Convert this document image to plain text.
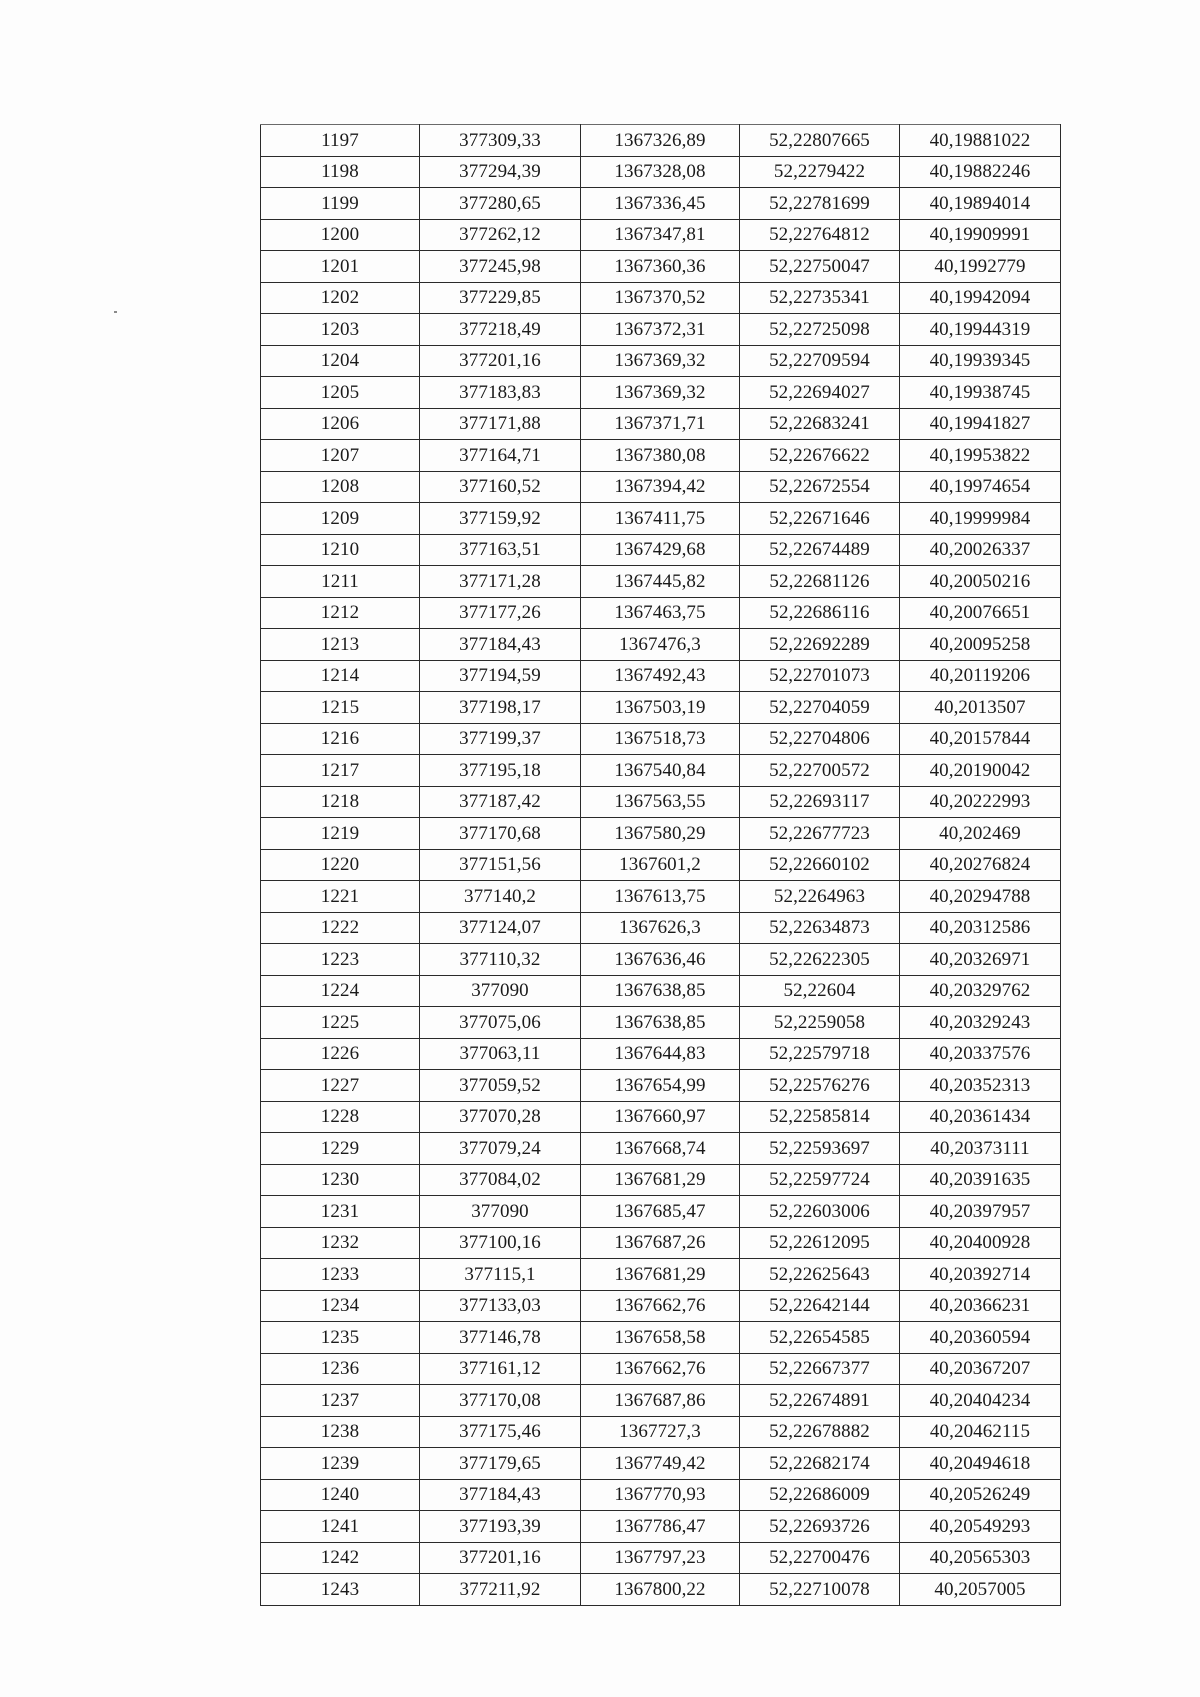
1197	377309,33	1367326,89	52,22807665	40,19881022
1198	377294,39	1367328,08	52,2279422	40,19882246
1199	377280,65	1367336,45	52,22781699	40,19894014
1200	377262,12	1367347,81	52,22764812	40,19909991
1201	377245,98	1367360,36	52,22750047	40,1992779
1202	377229,85	1367370,52	52,22735341	40,19942094
1203	377218,49	1367372,31	52,22725098	40,19944319
1204	377201,16	1367369,32	52,22709594	40,19939345
1205	377183,83	1367369,32	52,22694027	40,19938745
1206	377171,88	1367371,71	52,22683241	40,19941827
1207	377164,71	1367380,08	52,22676622	40,19953822
1208	377160,52	1367394,42	52,22672554	40,19974654
1209	377159,92	1367411,75	52,22671646	40,19999984
1210	377163,51	1367429,68	52,22674489	40,20026337
1211	377171,28	1367445,82	52,22681126	40,20050216
1212	377177,26	1367463,75	52,22686116	40,20076651
1213	377184,43	1367476,3	52,22692289	40,20095258
1214	377194,59	1367492,43	52,22701073	40,20119206
1215	377198,17	1367503,19	52,22704059	40,2013507
1216	377199,37	1367518,73	52,22704806	40,20157844
1217	377195,18	1367540,84	52,22700572	40,20190042
1218	377187,42	1367563,55	52,22693117	40,20222993
1219	377170,68	1367580,29	52,22677723	40,202469
1220	377151,56	1367601,2	52,22660102	40,20276824
1221	377140,2	1367613,75	52,2264963	40,20294788
1222	377124,07	1367626,3	52,22634873	40,20312586
1223	377110,32	1367636,46	52,22622305	40,20326971
1224	377090	1367638,85	52,22604	40,20329762
1225	377075,06	1367638,85	52,2259058	40,20329243
1226	377063,11	1367644,83	52,22579718	40,20337576
1227	377059,52	1367654,99	52,22576276	40,20352313
1228	377070,28	1367660,97	52,22585814	40,20361434
1229	377079,24	1367668,74	52,22593697	40,20373111
1230	377084,02	1367681,29	52,22597724	40,20391635
1231	377090	1367685,47	52,22603006	40,20397957
1232	377100,16	1367687,26	52,22612095	40,20400928
1233	377115,1	1367681,29	52,22625643	40,20392714
1234	377133,03	1367662,76	52,22642144	40,20366231
1235	377146,78	1367658,58	52,22654585	40,20360594
1236	377161,12	1367662,76	52,22667377	40,20367207
1237	377170,08	1367687,86	52,22674891	40,20404234
1238	377175,46	1367727,3	52,22678882	40,20462115
1239	377179,65	1367749,42	52,22682174	40,20494618
1240	377184,43	1367770,93	52,22686009	40,20526249
1241	377193,39	1367786,47	52,22693726	40,20549293
1242	377201,16	1367797,23	52,22700476	40,20565303
1243	377211,92	1367800,22	52,22710078	40,2057005
